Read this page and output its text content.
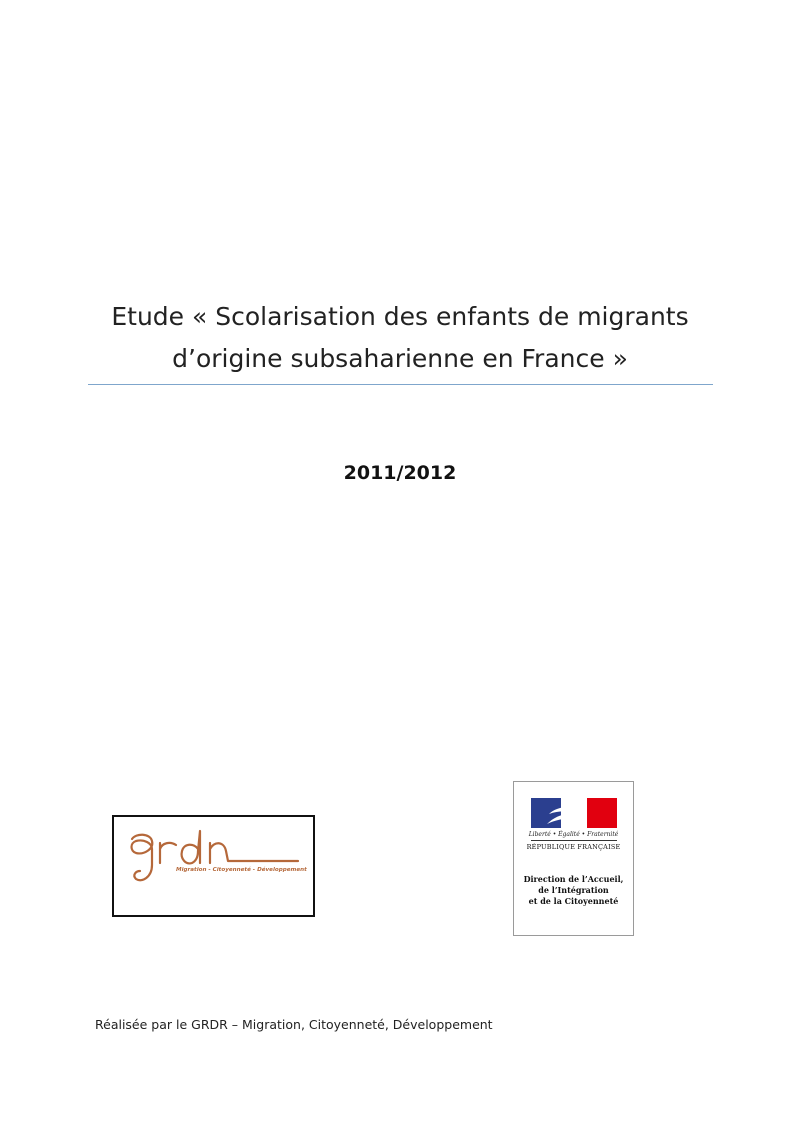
Etude « Scolarisation des enfants de migrants
d’origine subsaharienne en France »
2011/2012
Migration - Citoyenneté - Développement
Liberté • Égalité • Fraternité
RÉPUBLIQUE FRANÇAISE
Direction de l’Accueil,
de l’Intégration
et de la Citoyenneté
Réalisée par le GRDR – Migration, Citoyenneté, Développement
